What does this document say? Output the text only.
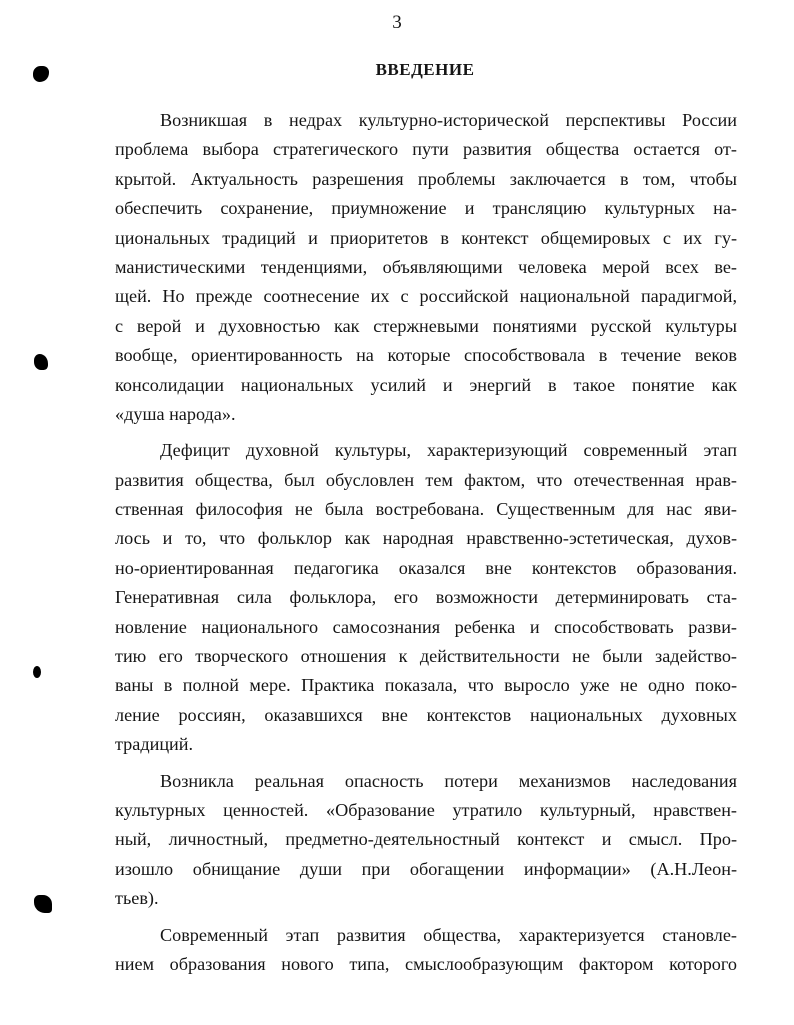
3
ВВЕДЕНИЕ
Возникшая в недрах культурно-исторической перспективы России
проблема выбора стратегического пути развития общества остается от-
крытой. Актуальность разрешения проблемы заключается в том, чтобы
обеспечить сохранение, приумножение и трансляцию культурных на-
циональных традиций и приоритетов в контекст общемировых с их гу-
манистическими тенденциями, объявляющими человека мерой всех ве-
щей. Но прежде соотнесение их с российской национальной парадигмой,
с верой и духовностью как стержневыми понятиями русской культуры
вообще, ориентированность на которые способствовала в течение веков
консолидации национальных усилий и энергий в такое понятие как
«душа народа».
Дефицит духовной культуры, характеризующий современный этап
развития общества, был обусловлен тем фактом, что отечественная нрав-
ственная философия не была востребована. Существенным для нас яви-
лось и то, что фольклор как народная нравственно-эстетическая, духов-
но-ориентированная педагогика оказался вне контекстов образования.
Генеративная сила фольклора, его возможности детерминировать ста-
новление национального самосознания ребенка и способствовать разви-
тию его творческого отношения к действительности не были задейство-
ваны в полной мере. Практика показала, что выросло уже не одно поко-
ление россиян, оказавшихся вне контекстов национальных духовных
традиций.
Возникла реальная опасность потери механизмов наследования
культурных ценностей. «Образование утратило культурный, нравствен-
ный, личностный, предметно-деятельностный контекст и смысл. Про-
изошло обнищание души при обогащении информации» (А.Н.Леон-
тьев).
Современный этап развития общества, характеризуется становле-
нием образования нового типа, смыслообразующим фактором которого
